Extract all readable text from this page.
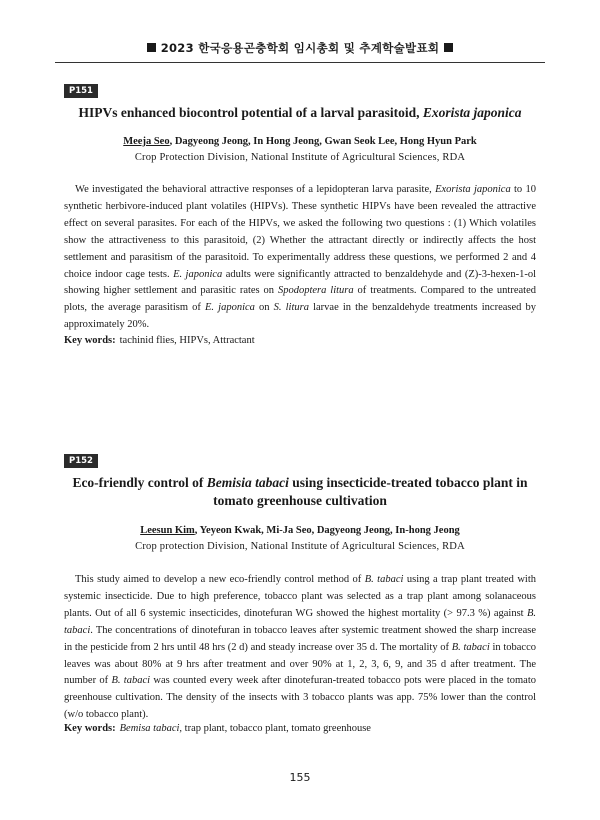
2023 한국응용곤충학회 임시총회 및 추계학술발표회
P151
HIPVs enhanced biocontrol potential of a larval parasitoid, Exorista japonica
Meeja Seo, Dagyeong Jeong, In Hong Jeong, Gwan Seok Lee, Hong Hyun Park
Crop Protection Division, National Institute of Agricultural Sciences, RDA

We investigated the behavioral attractive responses of a lepidopteran larva parasite, Exorista japonica to 10 synthetic herbivore-induced plant volatiles (HIPVs). These synthetic HIPVs have been revealed the attractive effect on several parasites. For each of the HIPVs, we asked the following two questions : (1) Which volatiles show the attractiveness to this parasitoid, (2) Whether the attractant directly or indirectly affects the host settlement and parasitism of the parasitoid. To experimentally address these questions, we performed 2 and 4 choice indoor cage tests. E. japonica adults were significantly attracted to benzaldehyde and (Z)-3-hexen-1-ol showing higher settlement and parasitic rates on Spodoptera litura of treatments. Compared to the untreated plots, the average parasitism of E. japonica on S. litura larvae in the benzaldehyde treatments increased by approximately 20%.

Key words: tachinid flies, HIPVs, Attractant
P152
Eco-friendly control of Bemisia tabaci using insecticide-treated tobacco plant in
tomato greenhouse cultivation
Leesun Kim, Yeyeon Kwak, Mi-Ja Seo, Dagyeong Jeong, In-hong Jeong
Crop protection Division, National Institute of Agricultural Sciences, RDA

This study aimed to develop a new eco-friendly control method of B. tabaci using a trap plant treated with systemic insecticide. Due to high preference, tobacco plant was selected as a trap plant among solanaceous plants. Out of all 6 systemic insecticides, dinotefuran WG showed the highest mortality (> 97.3 %) against B. tabaci. The concentrations of dinotefuran in tobacco leaves after systemic treatment showed the sharp increase in the pesticide from 2 hrs until 48 hrs (2 d) and steady increase over 35 d. The mortality of B. tabaci in tobacco leaves was about 80% at 9 hrs after treatment and over 90% at 1, 2, 3, 6, 9, and 35 d after treatment. The number of B. tabaci was counted every week after dinotefuran-treated tobacco pots were placed in the tomato greenhouse cultivation. The density of the insects with 3 tobacco plants was app. 75% lower than the control (w/o tobacco plant).

Key words: Bemisa tabaci, trap plant, tobacco plant, tomato greenhouse
155
